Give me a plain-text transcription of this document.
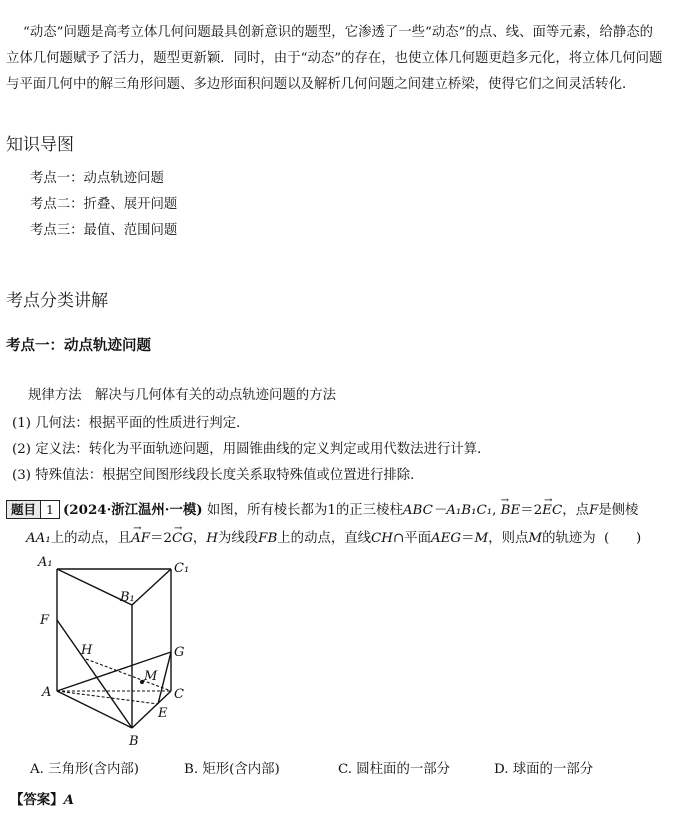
“动态”问题是高考立体几何问题最具创新意识的题型，它渗透了一些“动态”的点、线、面等元素，给静态的

立体几何题赋予了活力，题型更新颖．同时，由于“动态”的存在，也使立体几何题更趋多元化，将立体几何问题

与平面几何中的解三角形问题、多边形面积问题以及解析几何问题之间建立桥梁，使得它们之间灵活转化．

知识导图
考点一：动点轨迹问题
考点二：折叠、展开问题
考点三：最值、范围问题
考点分类讲解
考点一：动点轨迹问题
规律方法　解决与几何体有关的动点轨迹问题的方法
(1) 几何法：根据平面的性质进行判定．
(2) 定义法：转化为平面轨迹问题，用圆锥曲线的定义判定或用代数法进行计算．
(3) 特殊值法：根据空间图形线段长度关系取特殊值或位置进行排除．
题目 1 (2024·浙江温州·一模) 如图，所有棱长都为1的正三棱柱ABC－A₁B₁C₁,
→
BE＝2
→
EC，点F是侧棱
AA₁上的动点，且
→
AF＝2
→
CG，H为线段FB上的动点，直线CH∩平面AEG＝M，则点M的轨迹为 (　　)
A₁	C₁
B₁
F
H	G
M
A	C
E
B
A. 三角形(含内部)	B. 矩形(含内部)	C. 圆柱面的一部分	D. 球面的一部分
【答案】A
